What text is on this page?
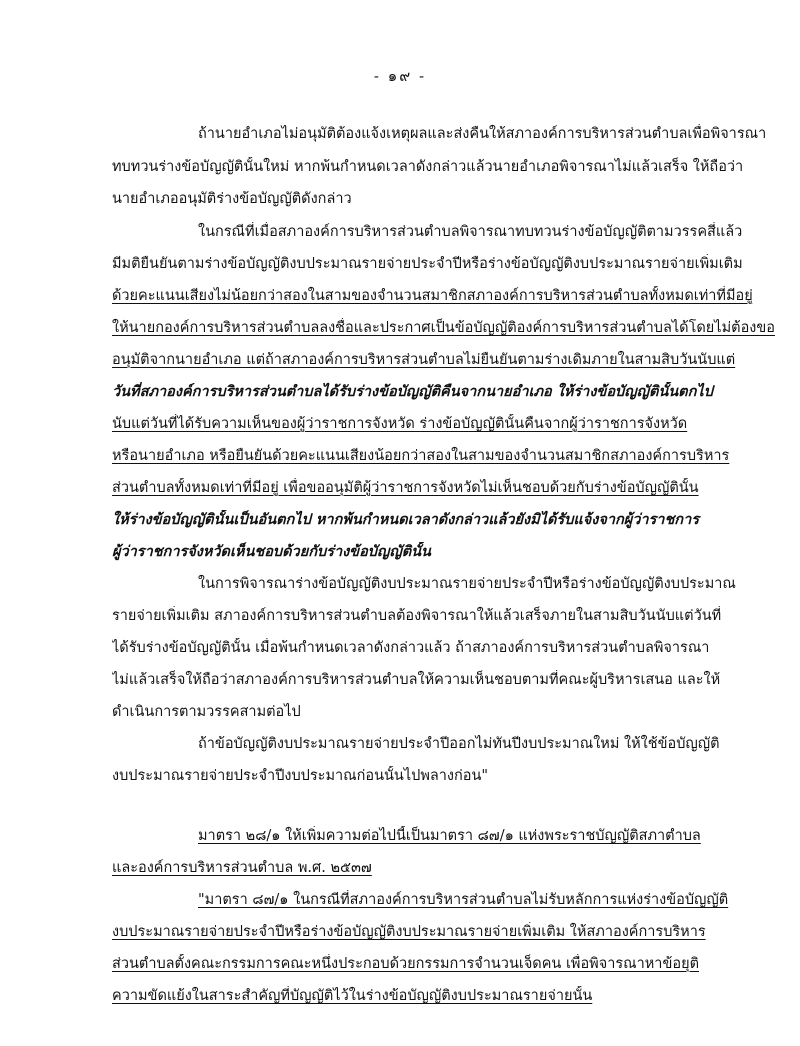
- ๑๙ -
ถ้านายอำเภอไม่อนุมัติต้องแจ้งเหตุผลและส่งคืนให้สภาองค์การบริหารส่วนตำบลเพื่อพิจารณา
ทบทวนร่างข้อบัญญัตินั้นใหม่ หากพ้นกำหนดเวลาดังกล่าวแล้วนายอำเภอพิจารณาไม่แล้วเสร็จ ให้ถือว่า
นายอำเภออนุมัติร่างข้อบัญญัติดังกล่าว
ในกรณีที่เมื่อสภาองค์การบริหารส่วนตำบลพิจารณาทบทวนร่างข้อบัญญัติตามวรรคสี่แล้ว
มีมติยืนยันตามร่างข้อบัญญัติงบประมาณรายจ่ายประจำปีหรือร่างข้อบัญญัติงบประมาณรายจ่ายเพิ่มเติม
ด้วยคะแนนเสียงไม่น้อยกว่าสองในสามของจำนวนสมาชิกสภาองค์การบริหารส่วนตำบลทั้งหมดเท่าที่มีอยู่
ให้นายกองค์การบริหารส่วนตำบลลงชื่อและประกาศเป็นข้อบัญญัติองค์การบริหารส่วนตำบลได้โดยไม่ต้องขอ
อนุมัติจากนายอำเภอ แต่ถ้าสภาองค์การบริหารส่วนตำบลไม่ยืนยันตามร่างเดิมภายในสามสิบวันนับแต่
วันที่สภาองค์การบริหารส่วนตำบลได้รับร่างข้อบัญญัติคืนจากนายอำเภอ ให้ร่างข้อบัญญัตินั้นตกไป
นับแต่วันที่ได้รับความเห็นของผู้ว่าราชการจังหวัด ร่างข้อบัญญัตินั้นคืนจากผู้ว่าราชการจังหวัด
หรือนายอำเภอ หรือยืนยันด้วยคะแนนเสียงน้อยกว่าสองในสามของจำนวนสมาชิกสภาองค์การบริหาร
ส่วนตำบลทั้งหมดเท่าที่มีอยู่ เพื่อขออนุมัติผู้ว่าราชการจังหวัดไม่เห็นชอบด้วยกับร่างข้อบัญญัตินั้น
ให้ร่างข้อบัญญัตินั้นเป็นอันตกไป หากพ้นกำหนดเวลาดังกล่าวแล้วยังมิได้รับแจ้งจากผู้ว่าราชการ
ผู้ว่าราชการจังหวัดเห็นชอบด้วยกับร่างข้อบัญญัตินั้น
ในการพิจารณาร่างข้อบัญญัติงบประมาณรายจ่ายประจำปีหรือร่างข้อบัญญัติงบประมาณ
รายจ่ายเพิ่มเติม สภาองค์การบริหารส่วนตำบลต้องพิจารณาให้แล้วเสร็จภายในสามสิบวันนับแต่วันที่
ได้รับร่างข้อบัญญัตินั้น เมื่อพ้นกำหนดเวลาดังกล่าวแล้ว ถ้าสภาองค์การบริหารส่วนตำบลพิจารณา
ไม่แล้วเสร็จให้ถือว่าสภาองค์การบริหารส่วนตำบลให้ความเห็นชอบตามที่คณะผู้บริหารเสนอ และให้
ดำเนินการตามวรรคสามต่อไป
ถ้าข้อบัญญัติงบประมาณรายจ่ายประจำปีออกไม่ทันปีงบประมาณใหม่ ให้ใช้ข้อบัญญัติ
งบประมาณรายจ่ายประจำปีงบประมาณก่อนนั้นไปพลางก่อน"
มาตรา ๒๘/๑ ให้เพิ่มความต่อไปนี้เป็นมาตรา ๘๗/๑ แห่งพระราชบัญญัติสภาตำบล
และองค์การบริหารส่วนตำบล พ.ศ. ๒๕๓๗
"มาตรา ๘๗/๑ ในกรณีที่สภาองค์การบริหารส่วนตำบลไม่รับหลักการแห่งร่างข้อบัญญัติ
งบประมาณรายจ่ายประจำปีหรือร่างข้อบัญญัติงบประมาณรายจ่ายเพิ่มเติม ให้สภาองค์การบริหาร
ส่วนตำบลตั้งคณะกรรมการคณะหนึ่งประกอบด้วยกรรมการจำนวนเจ็ดคน เพื่อพิจารณาหาข้อยุติ
ความขัดแย้งในสาระสำคัญที่บัญญัติไว้ในร่างข้อบัญญัติงบประมาณรายจ่ายนั้น
